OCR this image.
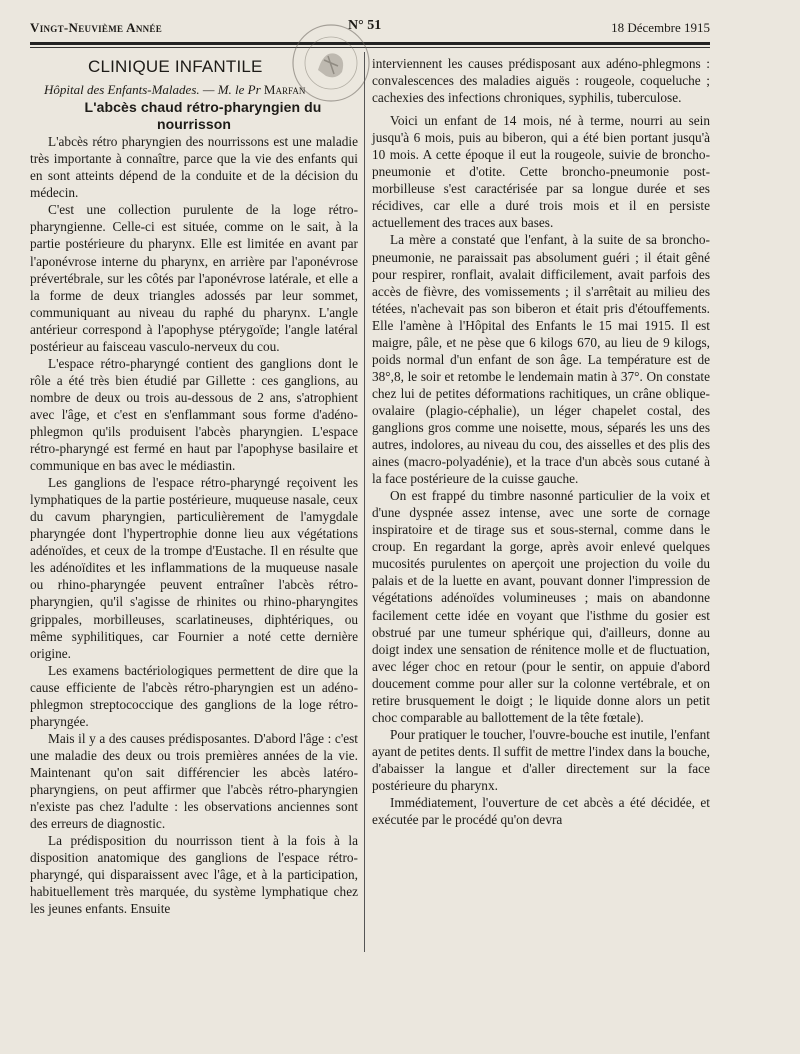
Vingt-Neuvième Année	N° 51	18 Décembre 1915
CLINIQUE INFANTILE
Hôpital des Enfants-Malades. — M. le Pr Marfan

L'abcès chaud rétro-pharyngien du nourrisson

L'abcès rétro pharyngien des nourrissons est une maladie très importante à connaître, parce que la vie des enfants qui en sont atteints dépend de la conduite et de la décision du médecin.

C'est une collection purulente de la loge rétro-pharyngienne. Celle-ci est située, comme on le sait, à la partie postérieure du pharynx. Elle est limitée en avant par l'aponévrose interne du pharynx, en arrière par l'aponévrose prévertébrale, sur les côtés par l'aponévrose latérale, et elle a la forme de deux triangles adossés par leur sommet, communiquant au niveau du raphé du pharynx. L'angle antérieur correspond à l'apophyse ptérygoïde; l'angle latéral postérieur au faisceau vasculo-nerveux du cou.

L'espace rétro-pharyngé contient des ganglions dont le rôle a été très bien étudié par Gillette : ces ganglions, au nombre de deux ou trois au-dessous de 2 ans, s'atrophient avec l'âge, et c'est en s'enflammant sous forme d'adéno-phlegmon qu'ils produisent l'abcès pharyngien. L'espace rétro-pharyngé est fermé en haut par l'apophyse basilaire et communique en bas avec le médiastin.

Les ganglions de l'espace rétro-pharyngé reçoivent les lymphatiques de la partie postérieure, muqueuse nasale, ceux du cavum pharyngien, particulièrement de l'amygdale pharyngée dont l'hypertrophie donne lieu aux végétations adénoïdes, et ceux de la trompe d'Eustache. Il en résulte que les adénoïdites et les inflammations de la muqueuse nasale ou rhino-pharyngée peuvent entraîner l'abcès rétro-pharyngien, qu'il s'agisse de rhinites ou rhino-pharyngites grippales, morbilleuses, scarlatineuses, diphtériques, ou même syphilitiques, car Fournier a noté cette dernière origine.

Les examens bactériologiques permettent de dire que la cause efficiente de l'abcès rétro-pharyngien est un adéno-phlegmon streptococcique des ganglions de la loge rétro-pharyngée.

Mais il y a des causes prédisposantes. D'abord l'âge : c'est une maladie des deux ou trois premières années de la vie. Maintenant qu'on sait différencier les abcès latéro-pharyngiens, on peut affirmer que l'abcès rétro-pharyngien n'existe pas chez l'adulte : les observations anciennes sont des erreurs de diagnostic.

La prédisposition du nourrisson tient à la fois à la disposition anatomique des ganglions de l'espace rétro-pharyngé, qui disparaissent avec l'âge, et à la participation, habituellement très marquée, du système lymphatique chez les jeunes enfants. Ensuite

interviennent les causes prédisposant aux adéno-phlegmons : convalescences des maladies aiguës : rougeole, coqueluche ; cachexies des infections chroniques, syphilis, tuberculose.

Voici un enfant de 14 mois, né à terme, nourri au sein jusqu'à 6 mois, puis au biberon, qui a été bien portant jusqu'à 10 mois. A cette époque il eut la rougeole, suivie de broncho-pneumonie et d'otite. Cette broncho-pneumonie post-morbilleuse s'est caractérisée par sa longue durée et ses récidives, car elle a duré trois mois et il en persiste actuellement des traces aux bases.

La mère a constaté que l'enfant, à la suite de sa broncho-pneumonie, ne paraissait pas absolument guéri ; il était gêné pour respirer, ronflait, avalait difficilement, avait parfois des accès de fièvre, des vomissements ; il s'arrêtait au milieu des tétées, n'achevait pas son biberon et était pris d'étouffements. Elle l'amène à l'Hôpital des Enfants le 15 mai 1915. Il est maigre, pâle, et ne pèse que 6 kilogs 670, au lieu de 9 kilogs, poids normal d'un enfant de son âge. La température est de 38°,8, le soir et retombe le lendemain matin à 37°. On constate chez lui de petites déformations rachitiques, un crâne oblique-ovalaire (plagio-céphalie), un léger chapelet costal, des ganglions gros comme une noisette, mous, séparés les uns des autres, indolores, au niveau du cou, des aisselles et des plis des aines (macro-polyadénie), et la trace d'un abcès sous cutané à la face postérieure de la cuisse gauche.

On est frappé du timbre nasonné particulier de la voix et d'une dyspnée assez intense, avec une sorte de cornage inspiratoire et de tirage sus et sous-sternal, comme dans le croup. En regardant la gorge, après avoir enlevé quelques mucosités purulentes on aperçoit une projection du voile du palais et de la luette en avant, pouvant donner l'impression de végétations adénoïdes volumineuses ; mais on abandonne facilement cette idée en voyant que l'isthme du gosier est obstrué par une tumeur sphérique qui, d'ailleurs, donne au doigt index une sensation de rénitence molle et de fluctuation, avec léger choc en retour (pour le sentir, on appuie d'abord doucement comme pour aller sur la colonne vertébrale, et on retire brusquement le doigt ; le liquide donne alors un petit choc comparable au ballottement de la tête fœtale).

Pour pratiquer le toucher, l'ouvre-bouche est inutile, l'enfant ayant de petites dents. Il suffit de mettre l'index dans la bouche, d'abaisser la langue et d'aller directement sur la face postérieure du pharynx.

Immédiatement, l'ouverture de cet abcès a été décidée, et exécutée par le procédé qu'on devra
